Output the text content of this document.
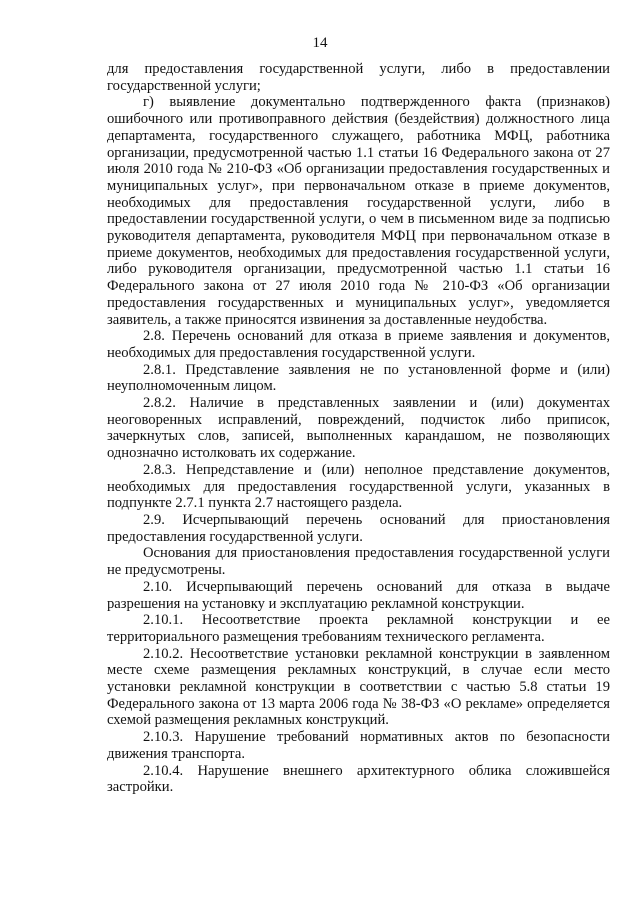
14

для предоставления государственной услуги, либо в предоставлении государственной услуги;

г) выявление документально подтвержденного факта (признаков) ошибочного или противоправного действия (бездействия) должностного лица департамента, государственного служащего, работника МФЦ, работника организации, предусмотренной частью 1.1 статьи 16 Федерального закона от 27 июля 2010 года № 210-ФЗ «Об организации предоставления государственных и муниципальных услуг», при первоначальном отказе в приеме документов, необходимых для предоставления государственной услуги, либо в предоставлении государственной услуги, о чем в письменном виде за подписью руководителя департамента, руководителя МФЦ при первоначальном отказе в приеме документов, необходимых для предоставления государственной услуги, либо руководителя организации, предусмотренной частью 1.1 статьи 16 Федерального закона от 27 июля 2010 года № 210-ФЗ «Об организации предоставления государственных и муниципальных услуг», уведомляется заявитель, а также приносятся извинения за доставленные неудобства.

2.8. Перечень оснований для отказа в приеме заявления и документов, необходимых для предоставления государственной услуги.

2.8.1. Представление заявления не по установленной форме и (или) неуполномоченным лицом.

2.8.2. Наличие в представленных заявлении и (или) документах неоговоренных исправлений, повреждений, подчисток либо приписок, зачеркнутых слов, записей, выполненных карандашом, не позволяющих однозначно истолковать их содержание.

2.8.3. Непредставление и (или) неполное представление документов, необходимых для предоставления государственной услуги, указанных в подпункте 2.7.1 пункта 2.7 настоящего раздела.

2.9. Исчерпывающий перечень оснований для приостановления предоставления государственной услуги.

Основания для приостановления предоставления государственной услуги не предусмотрены.

2.10. Исчерпывающий перечень оснований для отказа в выдаче разрешения на установку и эксплуатацию рекламной конструкции.

2.10.1. Несоответствие проекта рекламной конструкции и ее территориального размещения требованиям технического регламента.

2.10.2. Несоответствие установки рекламной конструкции в заявленном месте схеме размещения рекламных конструкций, в случае если место установки рекламной конструкции в соответствии с частью 5.8 статьи 19 Федерального закона от 13 марта 2006 года № 38-ФЗ «О рекламе» определяется схемой размещения рекламных конструкций.

2.10.3. Нарушение требований нормативных актов по безопасности движения транспорта.

2.10.4. Нарушение внешнего архитектурного облика сложившейся застройки.
